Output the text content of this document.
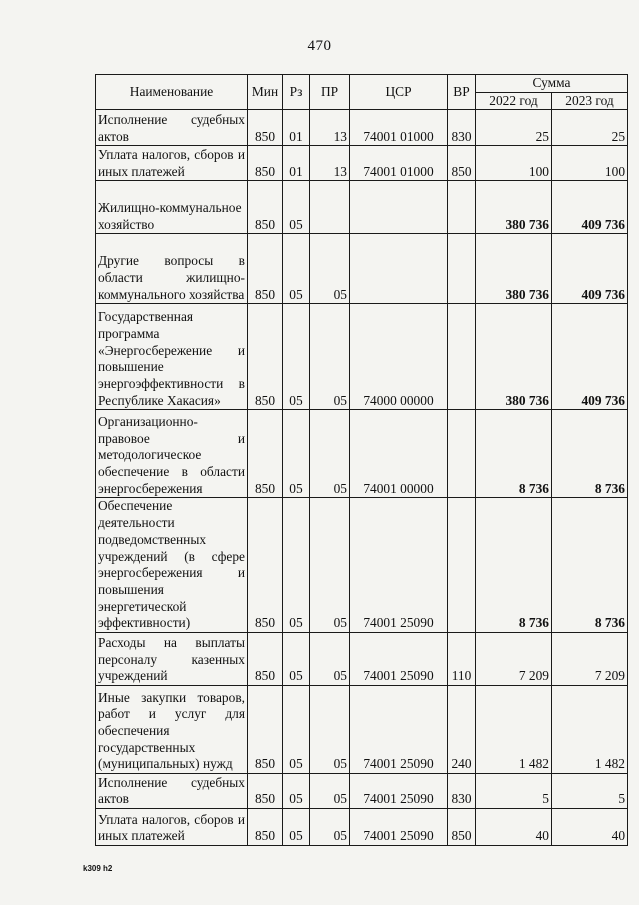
470
Наименование	Мин	Рз	ПР	ЦСР	ВР	Сумма	
						2022 год	2023 год
Исполнение судебных актов	850	01	13	74001 01000	830	25	25
Уплата налогов, сборов и иных платежей	850	01	13	74001 01000	850	100	100
Жилищно-коммунальное хозяйство	850	05				380 736	409 736
Другие вопросы в области жилищно-коммунального хозяйства	850	05	05			380 736	409 736
Государственная программа «Энергосбережение и повышение энергоэффективности в Республике Хакасия»	850	05	05	74000 00000		380 736	409 736
Организационно-правовое и методологическое обеспечение в области энергосбережения	850	05	05	74001 00000		8 736	8 736
Обеспечение деятельности подведомственных учреждений (в сфере энергосбережения и повышения энергетической эффективности)	850	05	05	74001 25090		8 736	8 736
Расходы на выплаты персоналу казенных учреждений	850	05	05	74001 25090	110	7 209	7 209
Иные закупки товаров, работ и услуг для обеспечения государственных (муниципальных) нужд	850	05	05	74001 25090	240	1 482	1 482
Исполнение судебных актов	850	05	05	74001 25090	830	5	5
Уплата налогов, сборов и иных платежей	850	05	05	74001 25090	850	40	40
k309 h2
